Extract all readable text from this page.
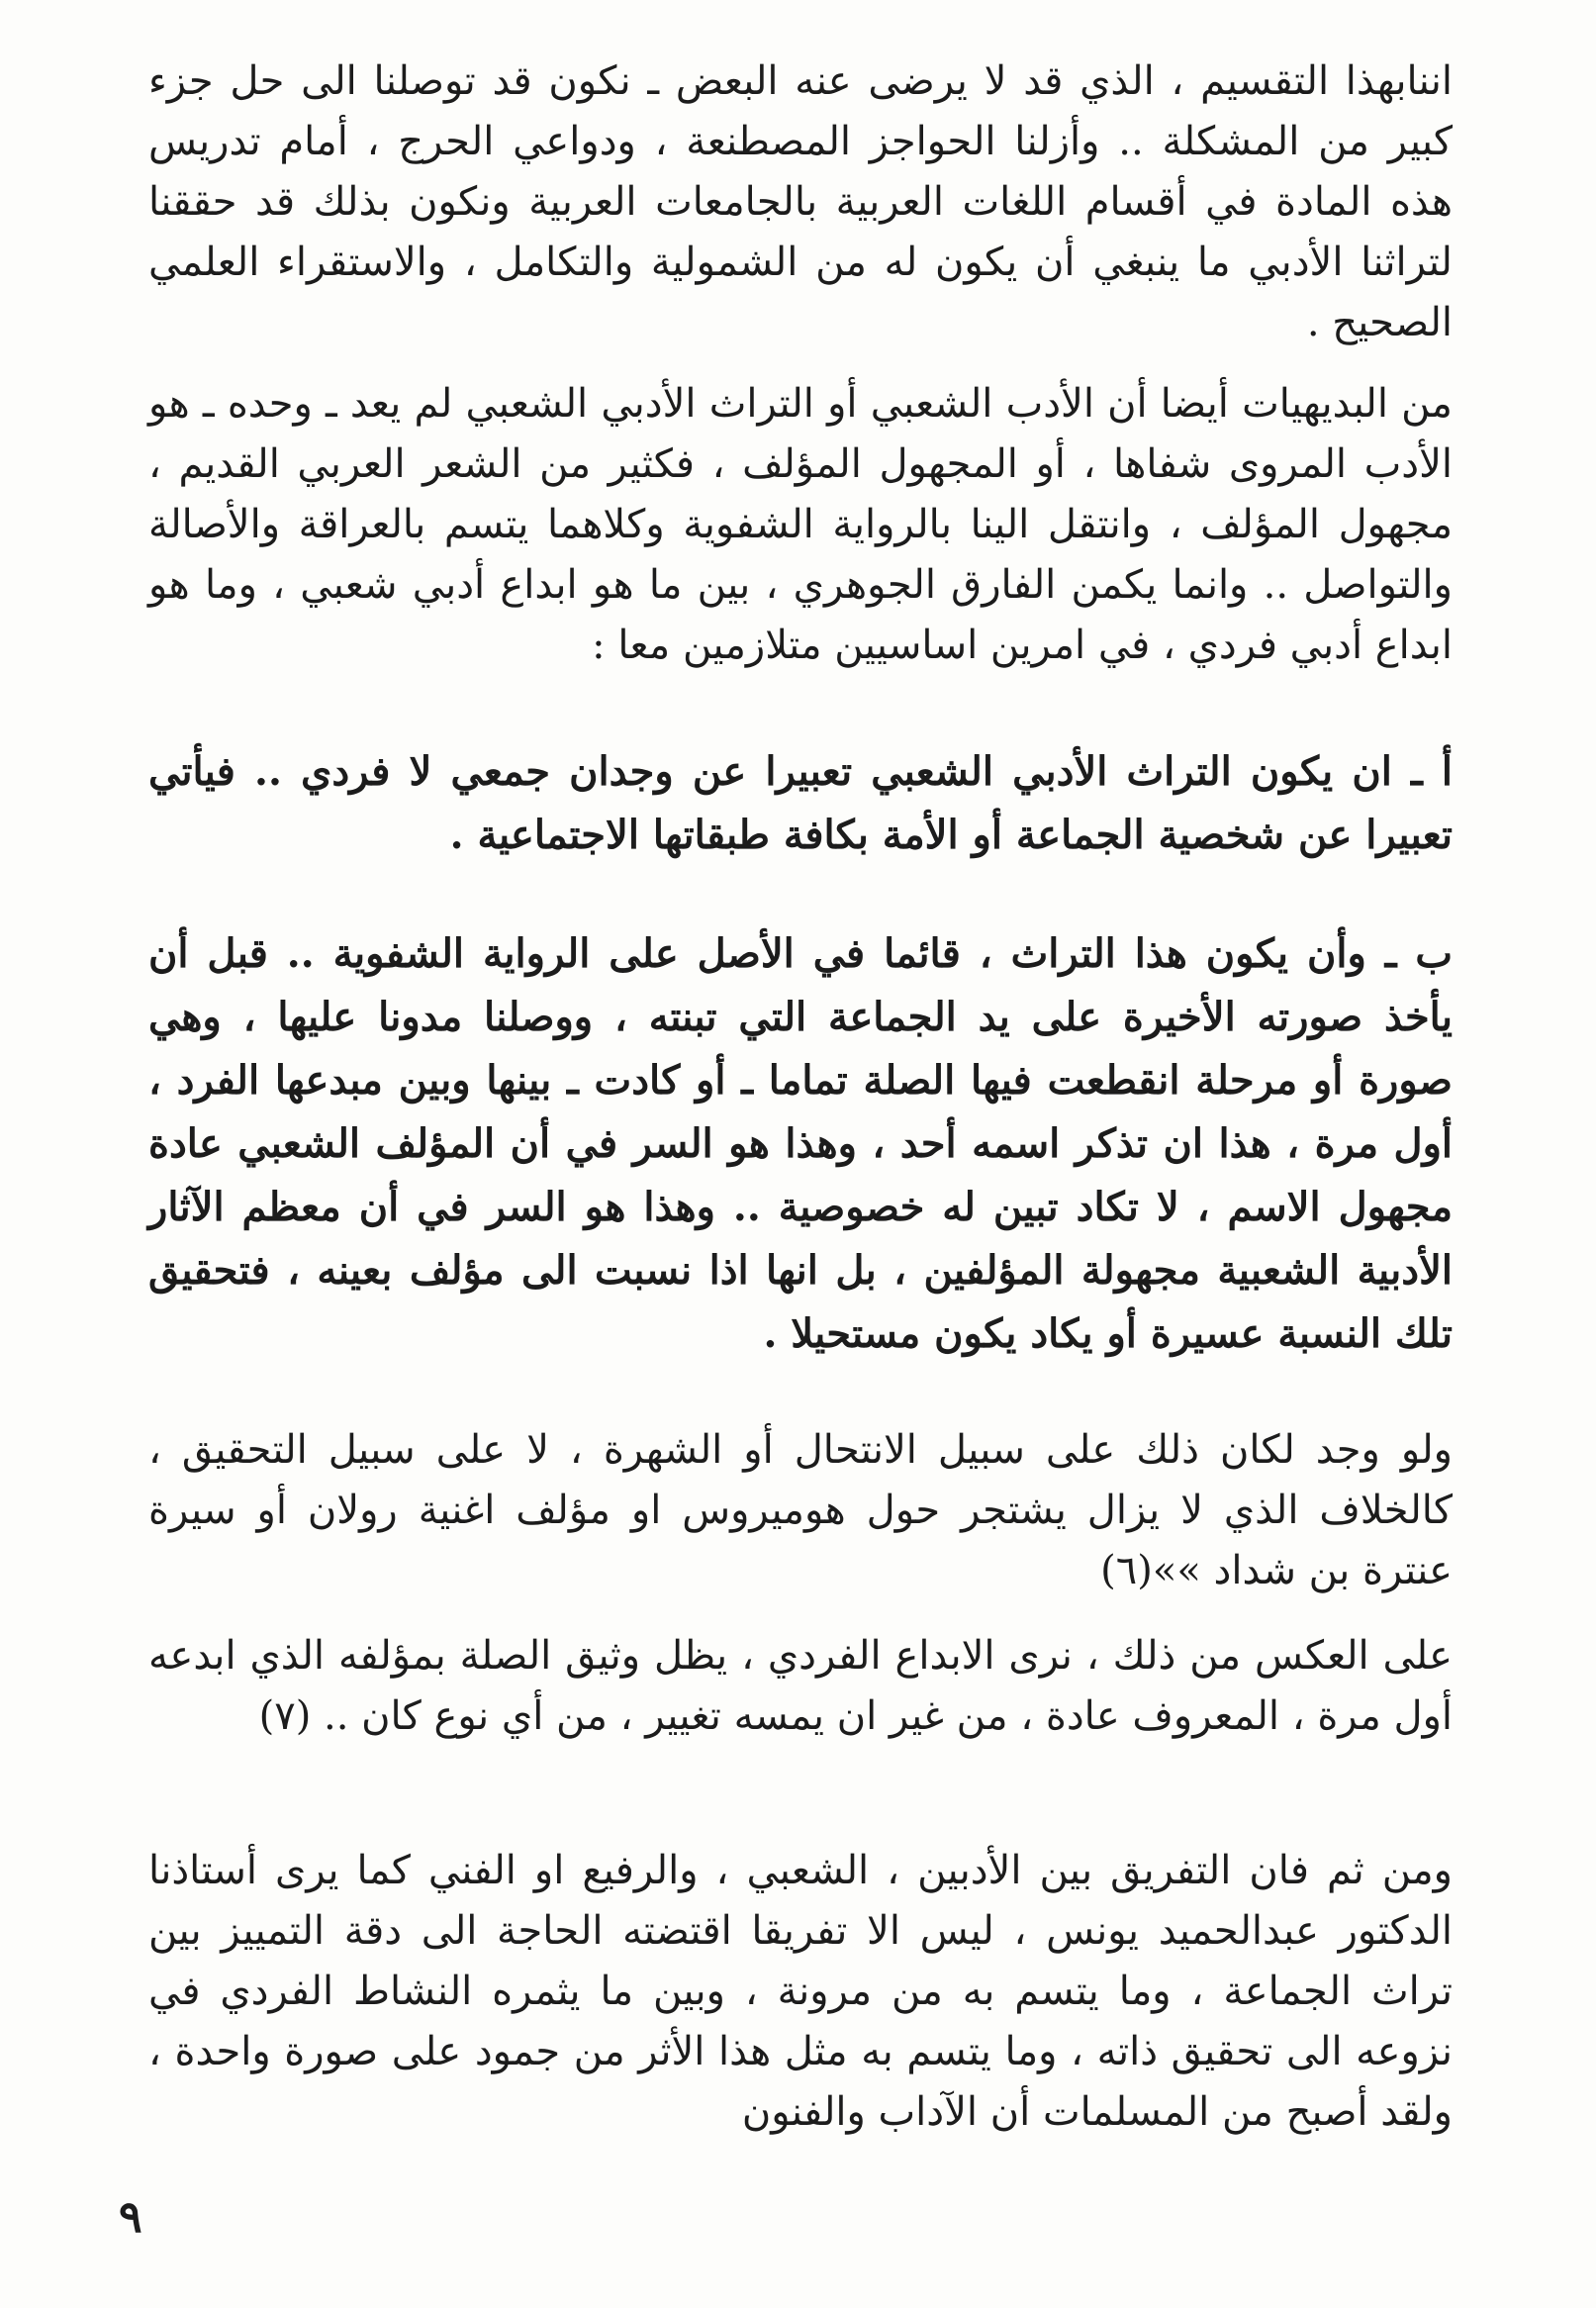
اننابهذا التقسيم ، الذي قد لا يرضى عنه البعض ـ نكون قد توصلنا الى حل جزء كبير من المشكلة .. وأزلنا الحواجز المصطنعة ، ودواعي الحرج ، أمام تدريس هذه المادة في أقسام اللغات العربية بالجامعات العربية ونكون بذلك قد حققنا لتراثنا الأدبي ما ينبغي أن يكون له من الشمولية والتكامل ، والاستقراء العلمي الصحيح .

من البديهيات أيضا أن الأدب الشعبي أو التراث الأدبي الشعبي لم يعد ـ وحده ـ هو الأدب المروى شفاها ، أو المجهول المؤلف ، فكثير من الشعر العربي القديم ، مجهول المؤلف ، وانتقل الينا بالرواية الشفوية وكلاهما يتسم بالعراقة والأصالة والتواصل .. وانما يكمن الفارق الجوهري ، بين ما هو ابداع أدبي شعبي ، وما هو ابداع أدبي فردي ، في امرين اساسيين متلازمين معا :

أ ـ ان يكون التراث الأدبي الشعبي تعبيرا عن وجدان جمعي لا فردي .. فيأتي تعبيرا عن شخصية الجماعة أو الأمة بكافة طبقاتها الاجتماعية .

ب ـ وأن يكون هذا التراث ، قائما في الأصل على الرواية الشفوية .. قبل أن يأخذ صورته الأخيرة على يد الجماعة التي تبنته ، ووصلنا مدونا عليها ، وهي صورة أو مرحلة انقطعت فيها الصلة تماما ـ أو كادت ـ بينها وبين مبدعها الفرد ، أول مرة ، هذا ان تذكر اسمه أحد ، وهذا هو السر في أن المؤلف الشعبي عادة مجهول الاسم ، لا تكاد تبين له خصوصية .. وهذا هو السر في أن معظم الآثار الأدبية الشعبية مجهولة المؤلفين ، بل انها اذا نسبت الى مؤلف بعينه ، فتحقيق تلك النسبة عسيرة أو يكاد يكون مستحيلا .

ولو وجد لكان ذلك على سبيل الانتحال أو الشهرة ، لا على سبيل التحقيق ، كالخلاف الذي لا يزال يشتجر حول هوميروس او مؤلف اغنية رولان أو سيرة عنترة بن شداد »»(٦)

على العكس من ذلك ، نرى الابداع الفردي ، يظل وثيق الصلة بمؤلفه الذي ابدعه أول مرة ، المعروف عادة ، من غير ان يمسه تغيير ، من أي نوع كان .. (٧)

ومن ثم فان التفريق بين الأدبين ، الشعبي ، والرفيع او الفني كما يرى أستاذنا الدكتور عبدالحميد يونس ، ليس الا تفريقا اقتضته الحاجة الى دقة التمييز بين تراث الجماعة ، وما يتسم به من مرونة ، وبين ما يثمره النشاط الفردي في نزوعه الى تحقيق ذاته ، وما يتسم به مثل هذا الأثر من جمود على صورة واحدة ، ولقد أصبح من المسلمات أن الآداب والفنون

٩
